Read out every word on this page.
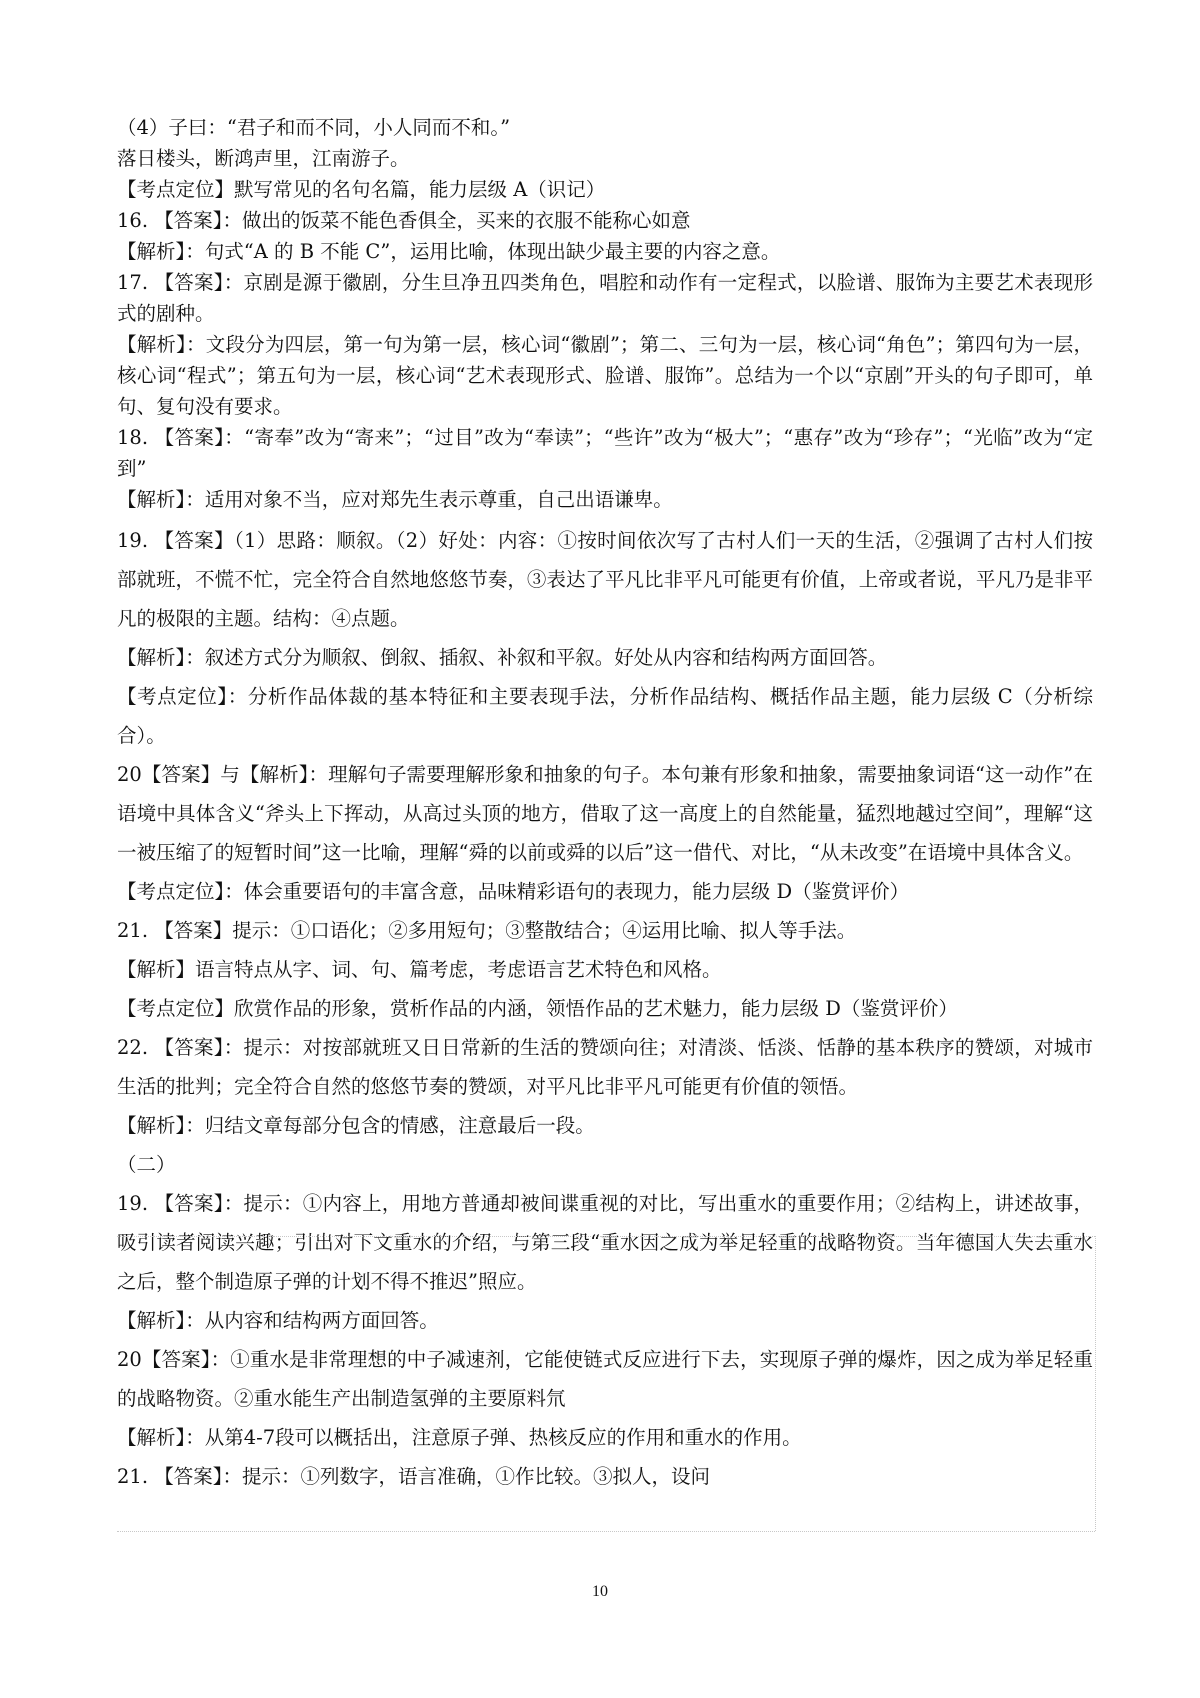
（4）子曰：“君子和而不同，小人同而不和。”

落日楼头，断鸿声里，江南游子。

【考点定位】默写常见的名句名篇，能力层级 A（识记）

16. 【答案】：做出的饭菜不能色香俱全，买来的衣服不能称心如意

【解析】：句式“A 的 B 不能 C”，运用比喻，体现出缺少最主要的内容之意。

17. 【答案】：京剧是源于徽剧，分生旦净丑四类角色，唱腔和动作有一定程式，以脸谱、服饰为主要艺术表现形式的剧种。

【解析】：文段分为四层，第一句为第一层，核心词“徽剧”；第二、三句为一层，核心词“角色”；第四句为一层，核心词“程式”；第五句为一层，核心词“艺术表现形式、脸谱、服饰”。总结为一个以“京剧”开头的句子即可，单句、复句没有要求。

18. 【答案】：“寄奉”改为“寄来”；“过目”改为“奉读”；“些许”改为“极大”；“惠存”改为“珍存”；“光临”改为“定到”

【解析】：适用对象不当，应对郑先生表示尊重，自己出语谦卑。

19. 【答案】（1）思路：顺叙。（2）好处：内容：①按时间依次写了古村人们一天的生活，②强调了古村人们按部就班，不慌不忙，完全符合自然地悠悠节奏，③表达了平凡比非平凡可能更有价值，上帝或者说，平凡乃是非平凡的极限的主题。结构：④点题。

【解析】：叙述方式分为顺叙、倒叙、插叙、补叙和平叙。好处从内容和结构两方面回答。

【考点定位】：分析作品体裁的基本特征和主要表现手法，分析作品结构、概括作品主题，能力层级 C（分析综合）。

20【答案】与【解析】：理解句子需要理解形象和抽象的句子。本句兼有形象和抽象，需要抽象词语“这一动作”在语境中具体含义“斧头上下挥动，从高过头顶的地方，借取了这一高度上的自然能量，猛烈地越过空间”，理解“这一被压缩了的短暂时间”这一比喻，理解“舜的以前或舜的以后”这一借代、对比，“从未改变”在语境中具体含义。

【考点定位】：体会重要语句的丰富含意，品味精彩语句的表现力，能力层级 D（鉴赏评价）

21. 【答案】提示：①口语化；②多用短句；③整散结合；④运用比喻、拟人等手法。

【解析】语言特点从字、词、句、篇考虑，考虑语言艺术特色和风格。

【考点定位】欣赏作品的形象，赏析作品的内涵，领悟作品的艺术魅力，能力层级 D（鉴赏评价）

22. 【答案】：提示：对按部就班又日日常新的生活的赞颂向往；对清淡、恬淡、恬静的基本秩序的赞颂，对城市生活的批判；完全符合自然的悠悠节奏的赞颂，对平凡比非平凡可能更有价值的领悟。

【解析】：归结文章每部分包含的情感，注意最后一段。

（二）

19. 【答案】：提示：①内容上，用地方普通却被间谍重视的对比，写出重水的重要作用；②结构上，讲述故事，吸引读者阅读兴趣；引出对下文重水的介绍，与第三段“重水因之成为举足轻重的战略物资。当年德国人失去重水之后，整个制造原子弹的计划不得不推迟”照应。

【解析】：从内容和结构两方面回答。

20【答案】：①重水是非常理想的中子减速剂，它能使链式反应进行下去，实现原子弹的爆炸，因之成为举足轻重的战略物资。②重水能生产出制造氢弹的主要原料氘

【解析】：从第4-7段可以概括出，注意原子弹、热核反应的作用和重水的作用。

21. 【答案】：提示：①列数字，语言准确，①作比较。③拟人，设问

10
